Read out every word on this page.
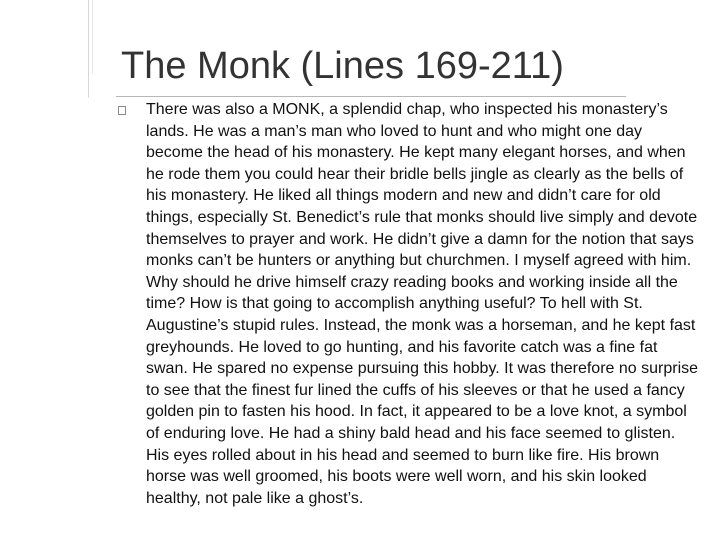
The Monk (Lines 169-211)

There was also a MONK, a splendid chap, who inspected his monastery’s lands. He was a man’s man who loved to hunt and who might one day become the head of his monastery. He kept many elegant horses, and when he rode them you could hear their bridle bells jingle as clearly as the bells of his monastery. He liked all things modern and new and didn’t care for old things, especially St. Benedict’s rule that monks should live simply and devote themselves to prayer and work. He didn’t give a damn for the notion that says monks can’t be hunters or anything but churchmen. I myself agreed with him. Why should he drive himself crazy reading books and working inside all the time? How is that going to accomplish anything useful? To hell with St. Augustine’s stupid rules. Instead, the monk was a horseman, and he kept fast greyhounds. He loved to go hunting, and his favorite catch was a fine fat swan. He spared no expense pursuing this hobby. It was therefore no surprise to see that the finest fur lined the cuffs of his sleeves or that he used a fancy golden pin to fasten his hood. In fact, it appeared to be a love knot, a symbol of enduring love. He had a shiny bald head and his face seemed to glisten. His eyes rolled about in his head and seemed to burn like fire. His brown horse was well groomed, his boots were well worn, and his skin looked healthy, not pale like a ghost’s.
